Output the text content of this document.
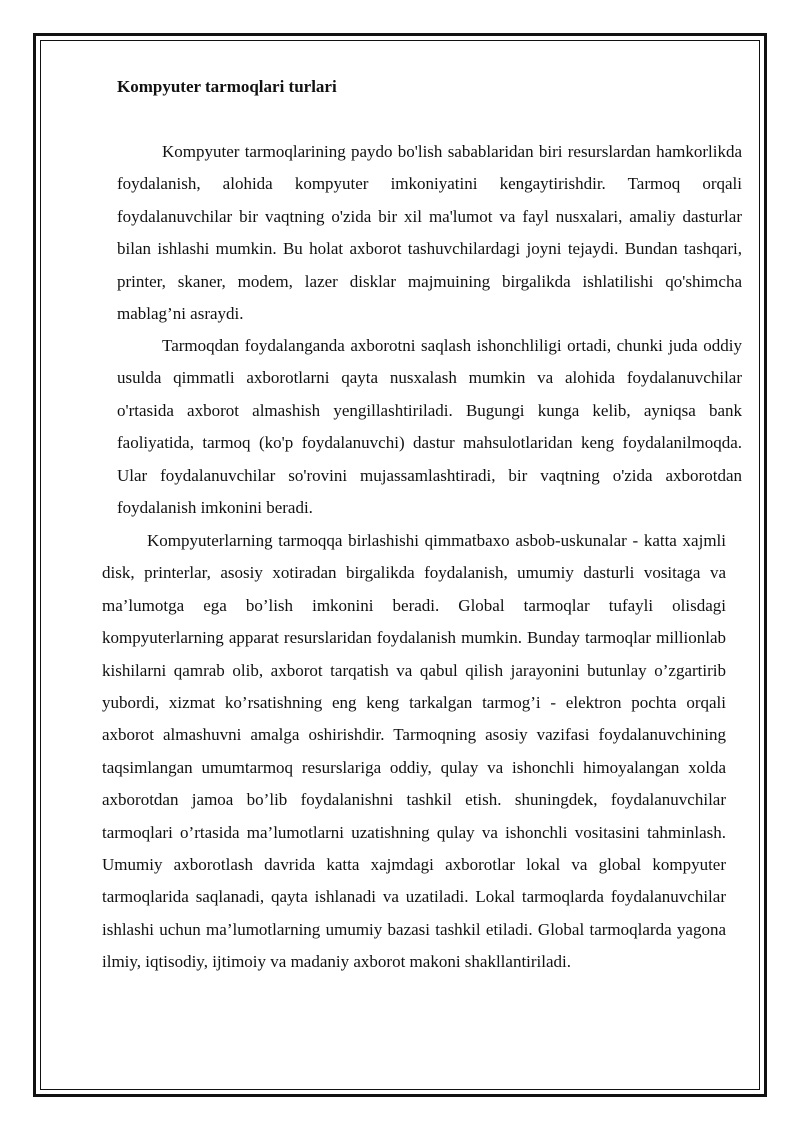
Kompyuter tarmoqlari turlari

Kompyuter tarmoqlarining paydo bo'lish sabablaridan biri resurslardan hamkorlikda foydalanish, alohida kompyuter imkoniyatini kengaytirishdir. Tarmoq orqali foydalanuvchilar bir vaqtning o'zida bir xil ma'lumot va fayl nusxalari, amaliy dasturlar bilan ishlashi mumkin. Bu holat axborot tashuvchilardagi joyni tejaydi. Bundan tashqari, printer, skaner, modem, lazer disklar majmuining birgalikda ishlatilishi qo'shimcha mablag’ni asraydi.

Tarmoqdan foydalanganda axborotni saqlash ishonchliligi ortadi, chunki juda oddiy usulda qimmatli axborotlarni qayta nusxalash mumkin va alohida foydalanuvchilar o'rtasida axborot almashish yengillashtiriladi. Bugungi kunga kelib, ayniqsa bank faoliyatida, tarmoq (ko'p foydalanuvchi) dastur mahsulotlaridan keng foydalanilmoqda. Ular foydalanuvchilar so'rovini mujassamlashtiradi, bir vaqtning o'zida axborotdan foydalanish imkonini beradi.

Kompyuterlarning tarmoqqa birlashishi qimmatbaxo asbob-uskunalar - katta xajmli disk, printerlar, asosiy xotiradan birgalikda foydalanish, umumiy dasturli vositaga va ma’lumotga ega bo’lish imkonini beradi. Global tarmoqlar tufayli olisdagi kompyuterlarning apparat resurslaridan foydalanish mumkin. Bunday tarmoqlar millionlab kishilarni qamrab olib, axborot tarqatish va qabul qilish jarayonini butunlay o’zgartirib yubordi, xizmat ko’rsatishning eng keng tarkalgan tarmog’i - elektron pochta orqali axborot almashuvni amalga oshirishdir. Tarmoqning asosiy vazifasi foydalanuvchining taqsimlangan umumtarmoq resurslariga oddiy, qulay va ishonchli himoyalangan xolda axborotdan jamoa bo’lib foydalanishni tashkil etish. shuningdek, foydalanuvchilar tarmoqlari o’rtasida ma’lumotlarni uzatishning qulay va ishonchli vositasini tahminlash. Umumiy axborotlash davrida katta xajmdagi axborotlar lokal va global kompyuter tarmoqlarida saqlanadi, qayta ishlanadi va uzatiladi. Lokal tarmoqlarda foydalanuvchilar ishlashi uchun ma’lumotlarning umumiy bazasi tashkil etiladi. Global tarmoqlarda yagona ilmiy, iqtisodiy, ijtimoiy va madaniy axborot makoni shakllantiriladi.
